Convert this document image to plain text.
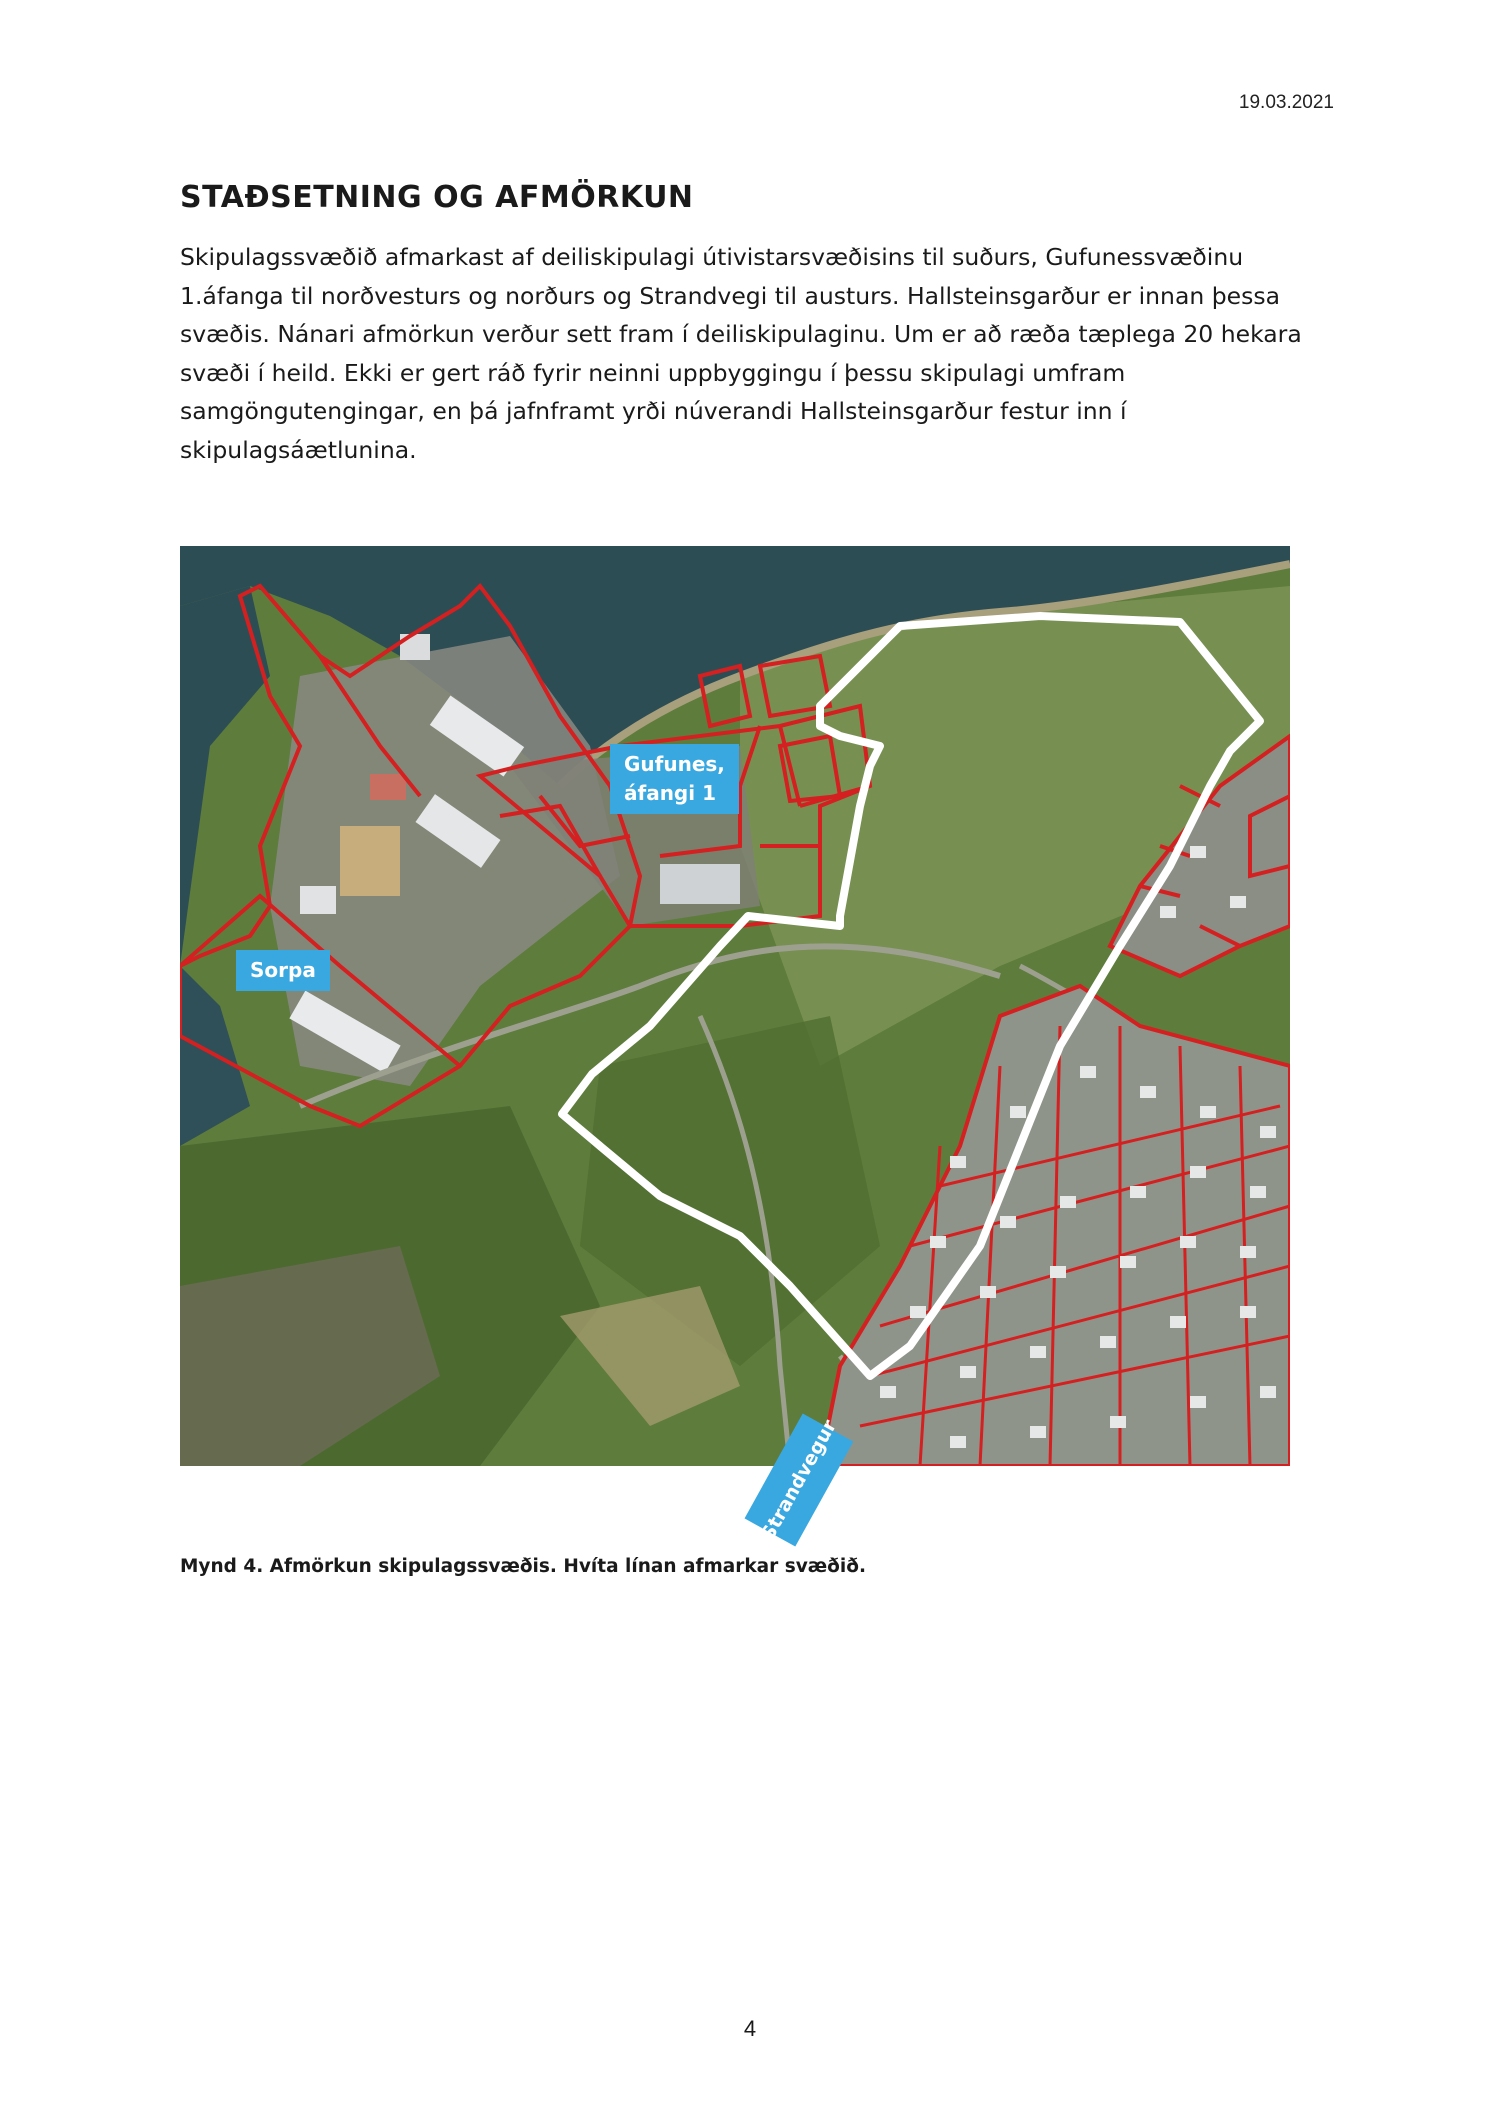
19.03.2021
STAÐSETNING OG AFMÖRKUN

Skipulagssvæðið afmarkast af deiliskipulagi útivistarsvæðisins til suðurs, Gufunessvæðinu 1.áfanga til norðvesturs og norðurs og Strandvegi til austurs. Hallsteinsgarður er innan þessa svæðis. Nánari afmörkun verður sett fram í deiliskipulaginu. Um er að ræða tæplega 20 hekara svæði í heild. Ekki er gert ráð fyrir neinni uppbyggingu í þessu skipulagi umfram samgöngutengingar, en þá jafnframt yrði núverandi Hallsteinsgarður festur inn í skipulagsáætlunina.

Gufunes,
áfangi 1
Sorpa
Strandvegur

Mynd 4. Afmörkun skipulagssvæðis. Hvíta línan afmarkar svæðið.

4
